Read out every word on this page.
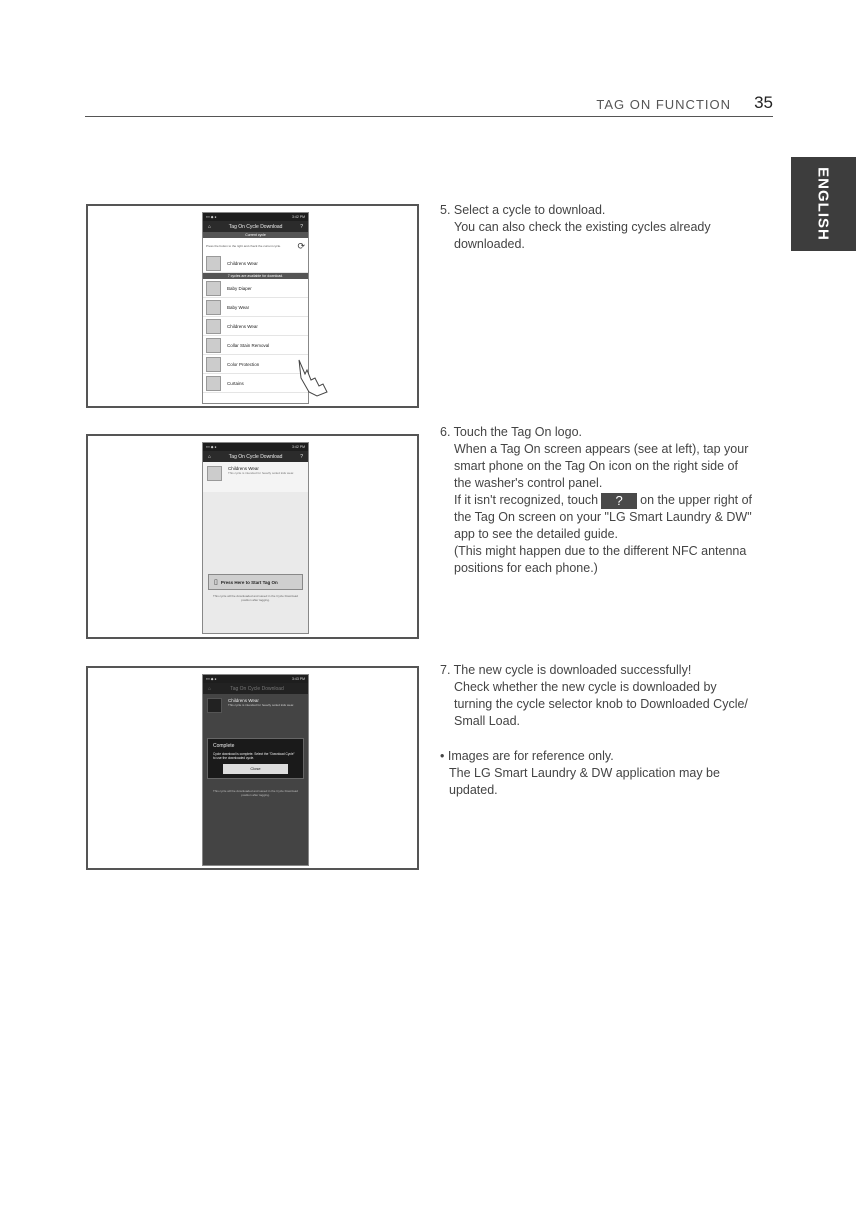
TAG ON FUNCTION 35
ENGLISH
▪▪▪ ◆ ●	3:42 PM
⌂	Tag On Cycle Download	?
Current cycle
Press the button to the right and check the current cycle.	⟳
Childrens Wear
7 cycles are available for download.
Baby Diaper
Baby Wear
Childrens Wear
Collar Stain Removal
Color Protection
Curtains
▪▪▪ ◆ ●	3:42 PM
⌂	Tag On Cycle Download	?
Childrens Wear
This cycle is intended for heavily soiled kids wear.
▯ Press Here to Start Tag On
This cycle will be downloaded and saved in the Cycle Download position after tagging.
▪▪▪ ◆ ●	3:43 PM
⌂	Tag On Cycle Download
Childrens Wear
This cycle is intended for heavily soiled kids wear.
Complete
Cycle download is complete. Select the "Download Cycle" to use the downloaded cycle.
Close
This cycle will be downloaded and saved in the Cycle Download position after tagging.
5. Select a cycle to download.
You can also check the existing cycles already
downloaded.
6. Touch the Tag On logo.
When a Tag On screen appears (see at left), tap your
smart phone on the Tag On icon on the right side of
the washer's control panel.
If it isn't recognized, touch ? on the upper right of
the Tag On screen on your "LG Smart Laundry & DW"
app to see the detailed guide.
(This might happen due to the different NFC antenna
positions for each phone.)
7. The new cycle is downloaded successfully!
Check whether the new cycle is downloaded by
turning the cycle selector knob to Downloaded Cycle/
Small Load.
• Images are for reference only.
The LG Smart Laundry & DW application may be
updated.
